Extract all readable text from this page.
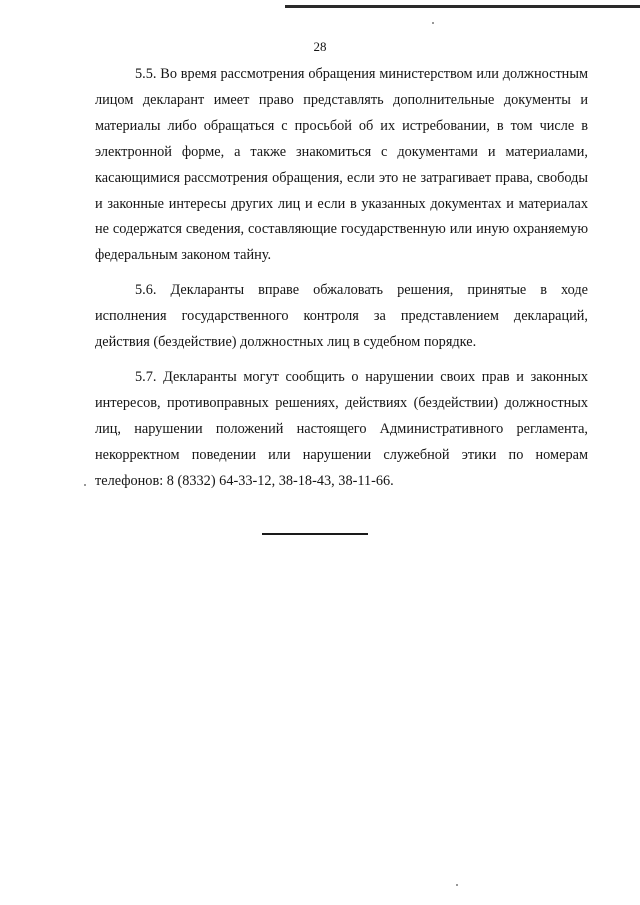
28

5.5. Во время рассмотрения обращения министерством или должностным лицом декларант имеет право представлять дополнительные документы и материалы либо обращаться с просьбой об их истребовании, в том числе в электронной форме, а также знакомиться с документами и материалами, касающимися рассмотрения обращения, если это не затрагивает права, свободы и законные интересы других лиц и если в указанных документах и материалах не содержатся сведения, составляющие государственную или иную охраняемую федеральным законом тайну.

5.6. Декларанты вправе обжаловать решения, принятые в ходе исполнения государственного контроля за представлением деклараций, действия (бездействие) должностных лиц в судебном порядке.

5.7. Декларанты могут сообщить о нарушении своих прав и законных интересов, противоправных решениях, действиях (бездействии) должностных лиц, нарушении положений настоящего Административного регламента, некорректном поведении или нарушении служебной этики по номерам телефонов: 8 (8332) 64-33-12, 38-18-43, 38-11-66.
